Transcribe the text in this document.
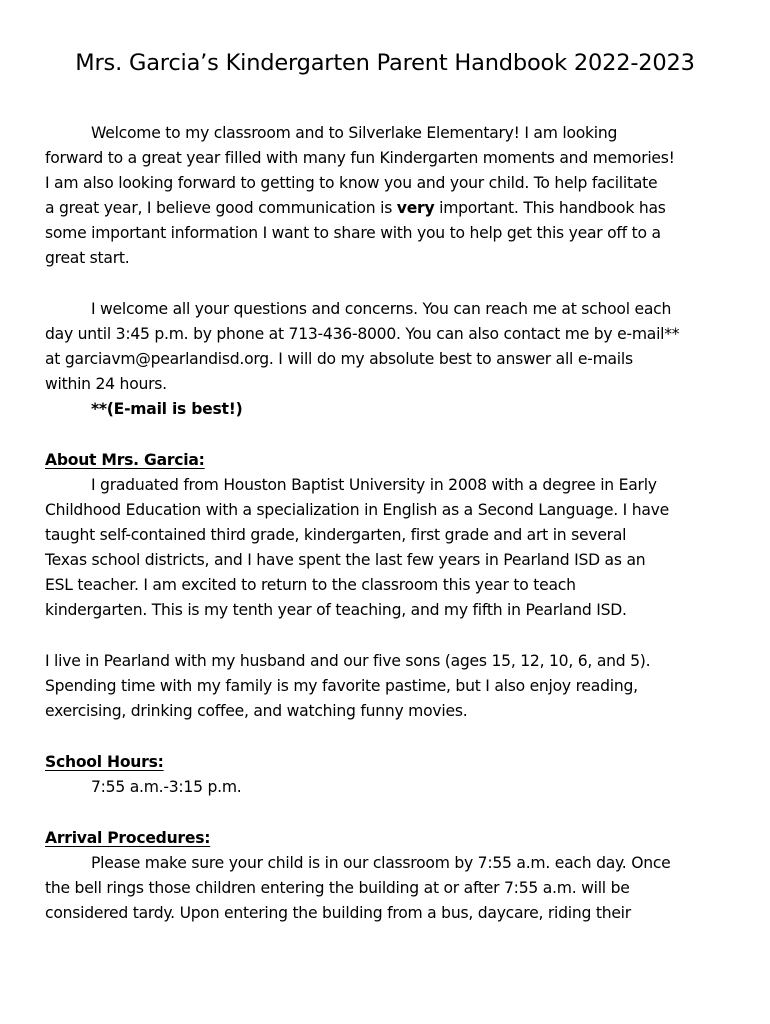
Mrs. Garcia’s Kindergarten Parent Handbook 2022-2023
Welcome to my classroom and to Silverlake Elementary! I am looking
forward to a great year filled with many fun Kindergarten moments and memories!
I am also looking forward to getting to know you and your child. To help facilitate
a great year, I believe good communication is very important. This handbook has
some important information I want to share with you to help get this year off to a
great start.
I welcome all your questions and concerns. You can reach me at school each
day until 3:45 p.m. by phone at 713-436-8000. You can also contact me by e-mail**
at garciavm@pearlandisd.org. I will do my absolute best to answer all e-mails
within 24 hours.
**(E-mail is best!)
About Mrs. Garcia:
I graduated from Houston Baptist University in 2008 with a degree in Early
Childhood Education with a specialization in English as a Second Language. I have
taught self-contained third grade, kindergarten, first grade and art in several
Texas school districts, and I have spent the last few years in Pearland ISD as an
ESL teacher. I am excited to return to the classroom this year to teach
kindergarten. This is my tenth year of teaching, and my fifth in Pearland ISD.
I live in Pearland with my husband and our five sons (ages 15, 12, 10, 6, and 5).
Spending time with my family is my favorite pastime, but I also enjoy reading,
exercising, drinking coffee, and watching funny movies.
School Hours:
7:55 a.m.-3:15 p.m.
Arrival Procedures:
Please make sure your child is in our classroom by 7:55 a.m. each day. Once
the bell rings those children entering the building at or after 7:55 a.m. will be
considered tardy. Upon entering the building from a bus, daycare, riding their
